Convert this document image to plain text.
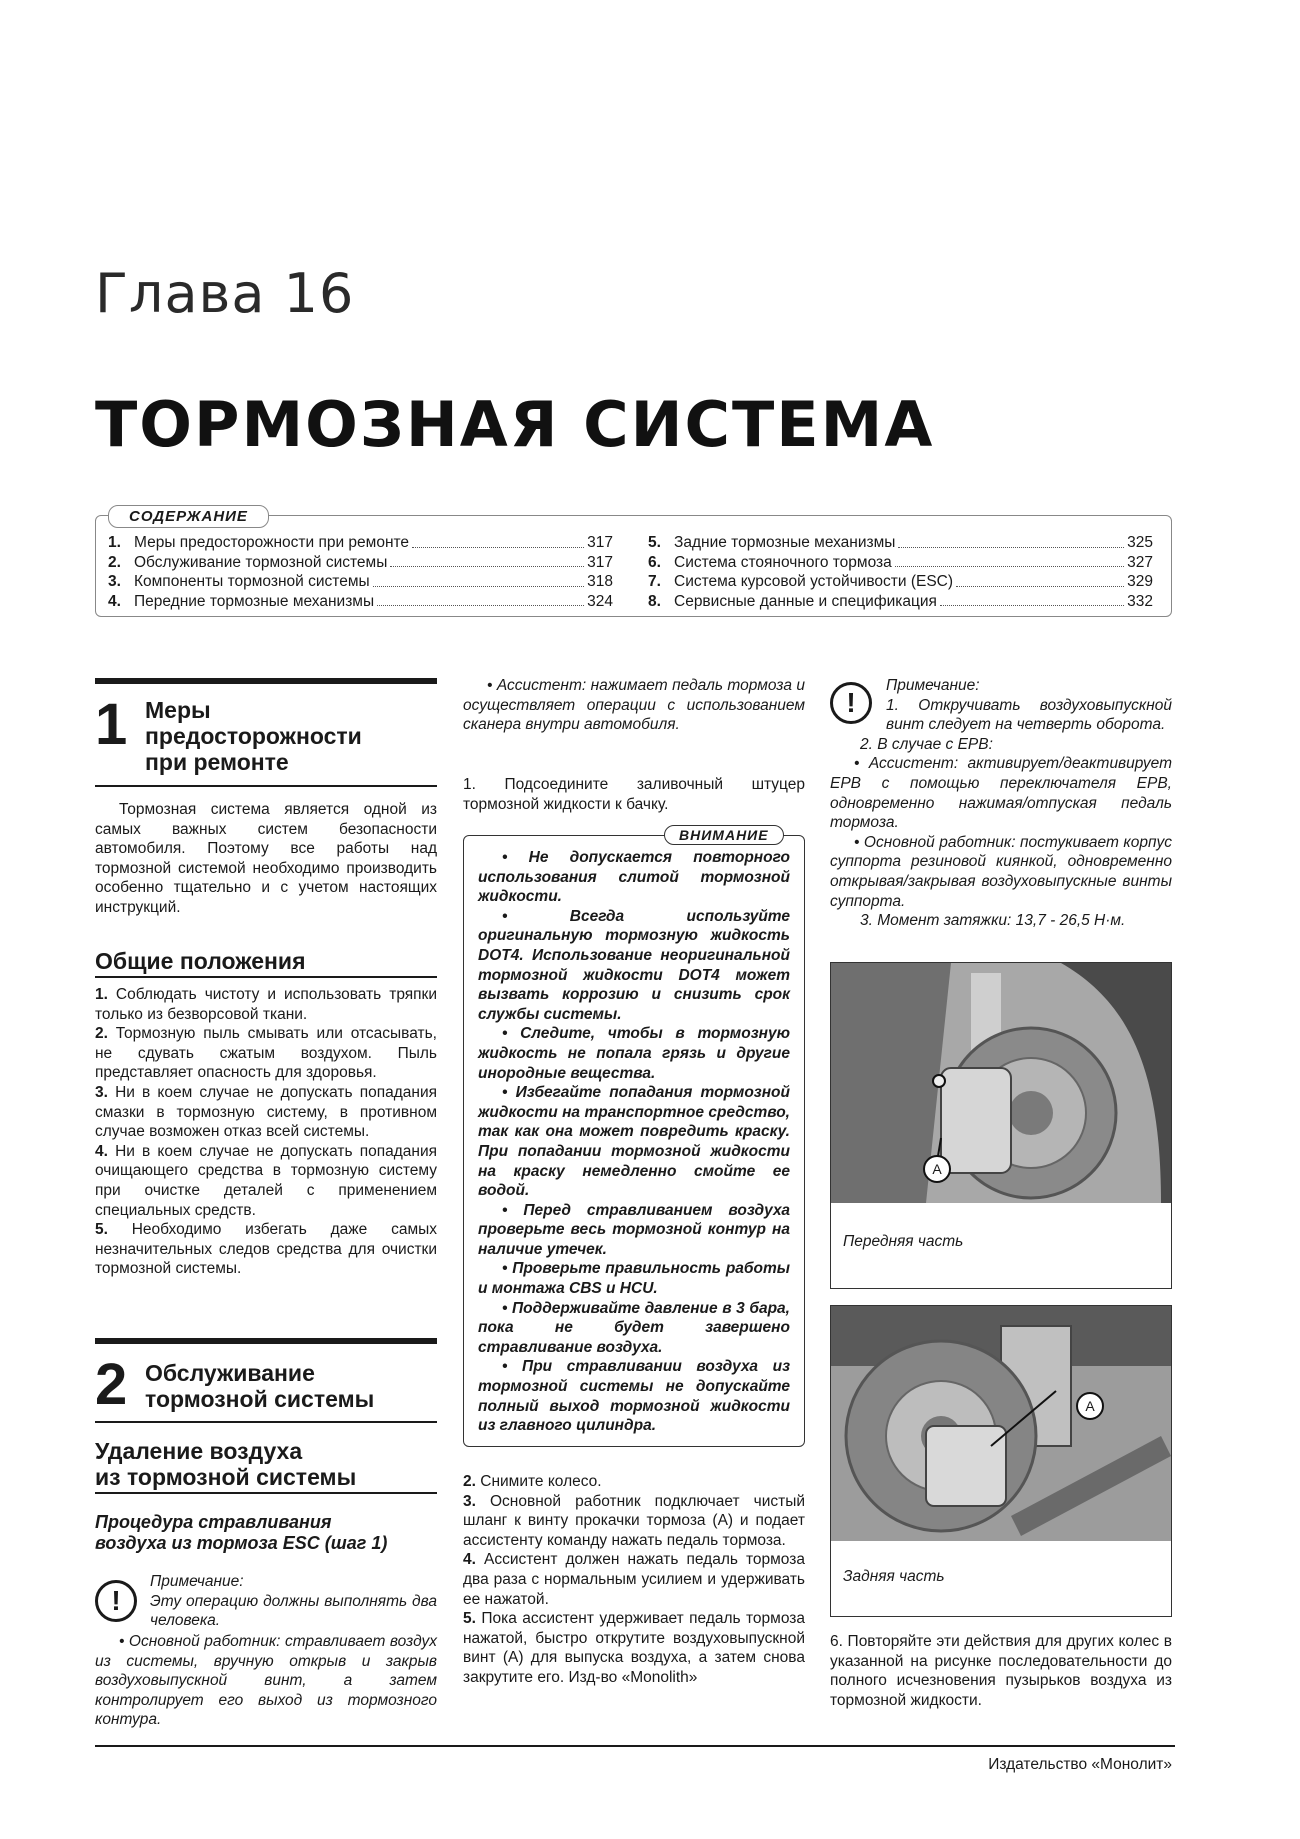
Глава 16
ТОРМОЗНАЯ СИСТЕМА
СОДЕРЖАНИЕ
1. Меры предосторожности при ремонте	317
2. Обслуживание тормозной системы	317
3. Компоненты тормозной системы	318
4. Передние тормозные механизмы	324
5. Задние тормозные механизмы	325
6. Система стояночного тормоза	327
7. Система курсовой устойчивости (ESC)	329
8. Сервисные данные и спецификация	332
1 Меры
предосторожности
при ремонте
Тормозная система является одной из самых важных систем безопасности автомобиля. Поэтому все работы над тормозной системой необходимо производить особенно тщательно и с учетом настоящих инструкций.
Общие положения

1. Соблюдать чистоту и использовать тряпки только из безворсовой ткани.

2. Тормозную пыль смывать или отсасывать, не сдувать сжатым воздухом. Пыль представляет опасность для здоровья.

3. Ни в коем случае не допускать попадания смазки в тормозную систему, в противном случае возможен отказ всей системы.

4. Ни в коем случае не допускать попадания очищающего средства в тормозную систему при очистке деталей с применением специальных средств.

5. Необходимо избегать даже самых незначительных следов средства для очистки тормозной системы.

2 Обслуживание
тормозной системы
Удаление воздуха
из тормозной системы
Процедура стравливания
воздуха из тормоза ESC (шаг 1)
!

Примечание:

Эту операцию должны выполнять два человека.

• Основной работник: стравливает воздух из системы, вручную открыв и закрыв воздуховыпускной винт, а затем контролирует его выход из тормозного контура.
• Ассистент: нажимает педаль тормоза и осуществляет операции с использованием сканера внутри автомобиля.
1. Подсоедините заливочный штуцер тормозной жидкости к бачку.

• Не допускается повторного использования слитой тормозной жидкости.

• Всегда используйте оригинальную тормозную жидкость DOT4. Использование неоригинальной тормозной жидкости DOT4 может вызвать коррозию и снизить срок службы системы.

• Следите, чтобы в тормозную жидкость не попала грязь и другие инородные вещества.

• Избегайте попадания тормозной жидкости на транспортное средство, так как она может повредить краску. При попадании тормозной жидкости на краску немедленно смойте ее водой.

• Перед стравливанием воздуха проверьте весь тормозной контур на наличие утечек.

• Проверьте правильность работы и монтажа CBS и HCU.

• Поддерживайте давление в 3 бара, пока не будет завершено стравливание воздуха.

• При стравливании воздуха из тормозной системы не допускайте полный выход тормозной жидкости из главного цилиндра.

ВНИМАНИЕ

2. Снимите колесо.

3. Основной работник подключает чистый шланг к винту прокачки тормоза (A) и подает ассистенту команду нажать педаль тормоза.

4. Ассистент должен нажать педаль тормоза два раза с нормальным усилием и удерживать ее нажатой.

5. Пока ассистент удерживает педаль тормоза нажатой, быстро открутите воздуховыпускной винт (A) для выпуска воздуха, а затем снова закрутите его. Изд-во «Monolith»

!

Примечание:

1. Откручивать воздуховыпускной винт следует на четверть оборота.

2. В случае с EPB:

• Ассистент: активирует/деактивирует EPB с помощью переключателя EPB, одновременно нажимая/отпуская педаль тормоза.

• Основной работник: постукивает корпус суппорта резиновой киянкой, одновременно открывая/закрывая воздуховыпускные винты суппорта.

3. Момент затяжки: 13,7 - 26,5 Н·м.

A
Передняя часть
A
Задняя часть
6. Повторяйте эти действия для других колес в указанной на рисунке последовательности до полного исчезновения пузырьков воздуха из тормозной жидкости.
Издательство «Монолит»
